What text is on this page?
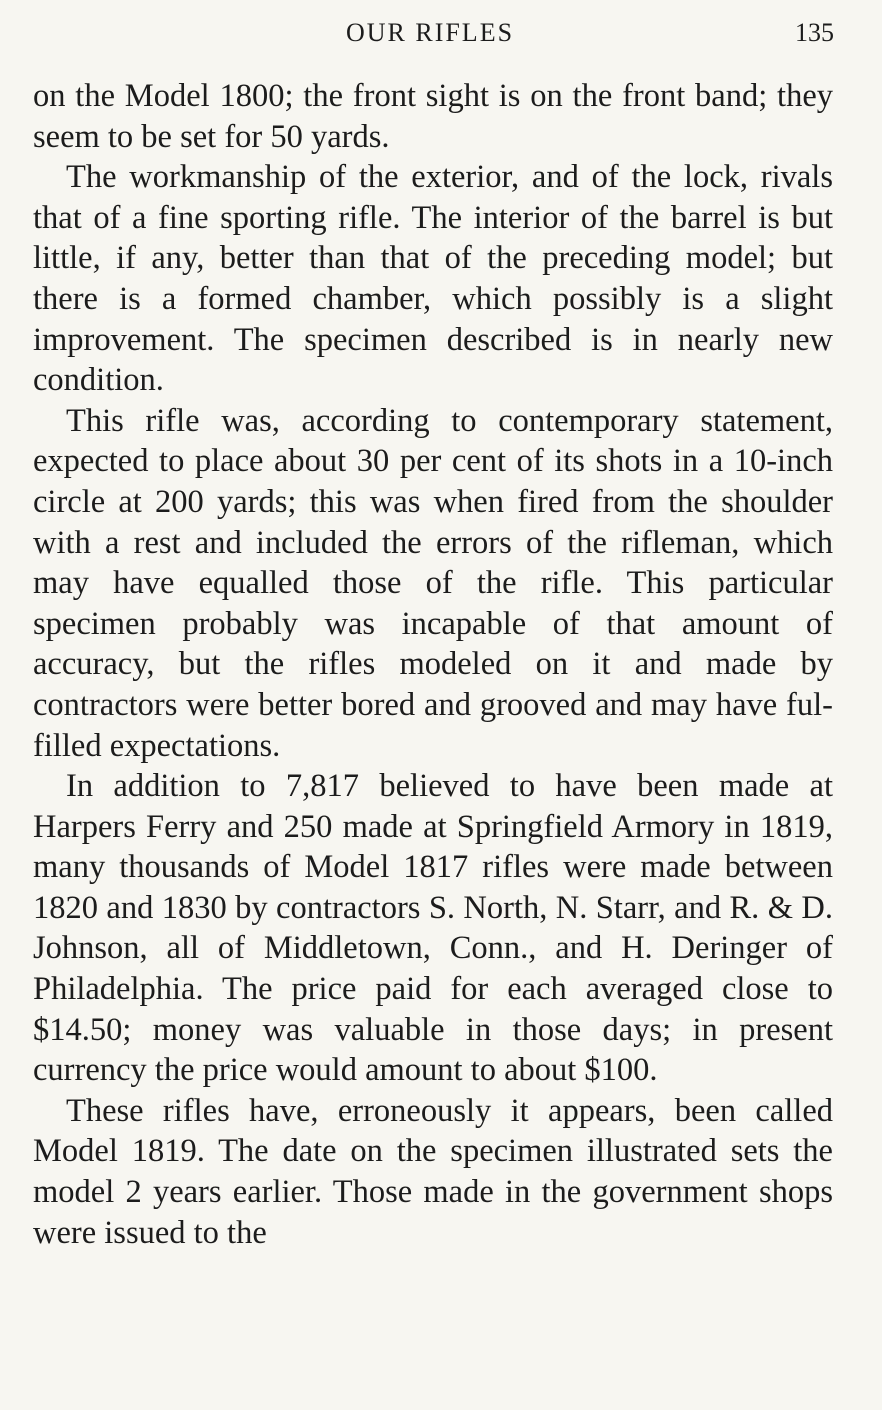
OUR RIFLES	135

on the Model 1800; the front sight is on the front band; they seem to be set for 50 yards.

The workmanship of the exterior, and of the lock, rivals that of a fine sporting rifle. The interior of the barrel is but little, if any, better than that of the preceding model; but there is a formed chamber, which possibly is a slight improvement. The specimen described is in nearly new condition.

This rifle was, according to contemporary statement, expected to place about 30 per cent of its shots in a 10-inch circle at 200 yards; this was when fired from the shoulder with a rest and included the errors of the rifleman, which may have equalled those of the rifle. This particular specimen probably was incapable of that amount of accuracy, but the rifles modeled on it and made by contractors were better bored and grooved and may have fulfilled expectations.

In addition to 7,817 believed to have been made at Harpers Ferry and 250 made at Springfield Armory in 1819, many thousands of Model 1817 rifles were made between 1820 and 1830 by contractors S. North, N. Starr, and R. & D. Johnson, all of Middletown, Conn., and H. Deringer of Philadelphia. The price paid for each averaged close to $14.50; money was valuable in those days; in present currency the price would amount to about $100.

These rifles have, erroneously it appears, been called Model 1819. The date on the specimen illustrated sets the model 2 years earlier. Those made in the government shops were issued to the
